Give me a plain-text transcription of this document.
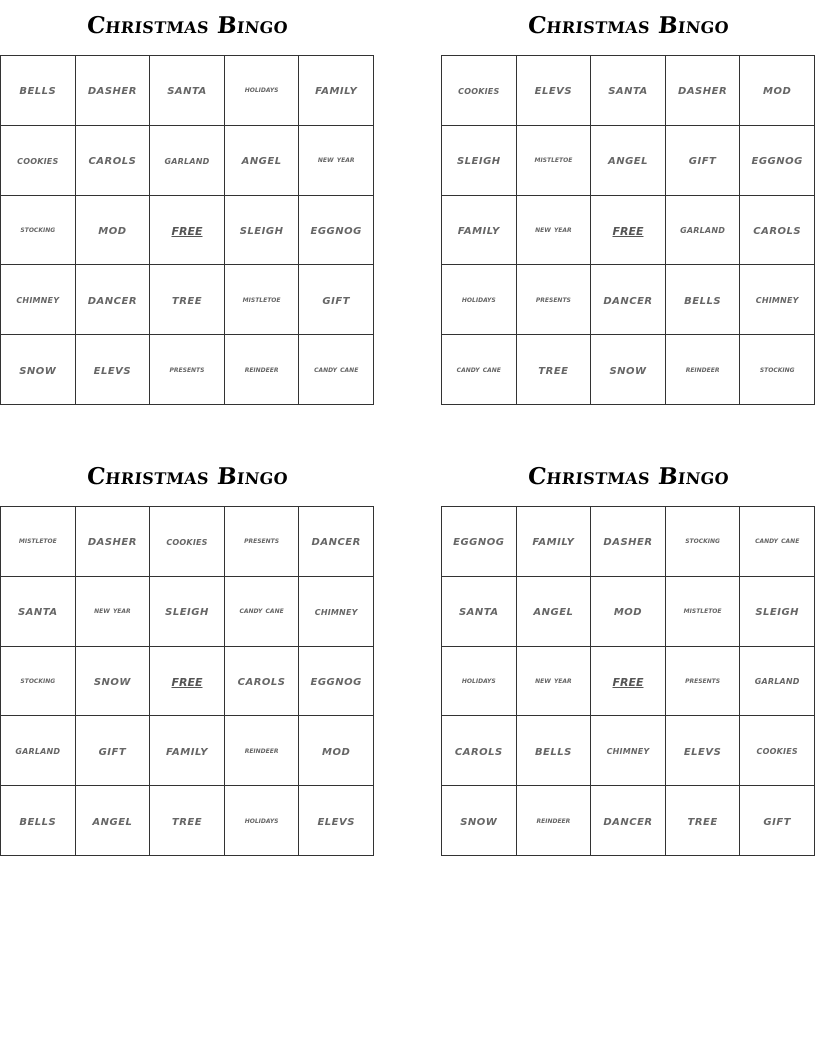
Christmas Bingo
bells	dasher	santa	holidays	family
cookies	carols	garland	angel	new year
stocking	mod	free	sleigh	eggnog
chimney	dancer	tree	mistletoe	gift
snow	elevs	presents	reindeer	candy cane
Christmas Bingo
cookies	elevs	santa	dasher	mod
sleigh	mistletoe	angel	gift	eggnog
family	new year	free	garland	carols
holidays	presents	dancer	bells	chimney
candy cane	tree	snow	reindeer	stocking
Christmas Bingo
mistletoe	dasher	cookies	presents	dancer
santa	new year	sleigh	candy cane	chimney
stocking	snow	free	carols	eggnog
garland	gift	family	reindeer	mod
bells	angel	tree	holidays	elevs
Christmas Bingo
eggnog	family	dasher	stocking	candy cane
santa	angel	mod	mistletoe	sleigh
holidays	new year	free	presents	garland
carols	bells	chimney	elevs	cookies
snow	reindeer	dancer	tree	gift
